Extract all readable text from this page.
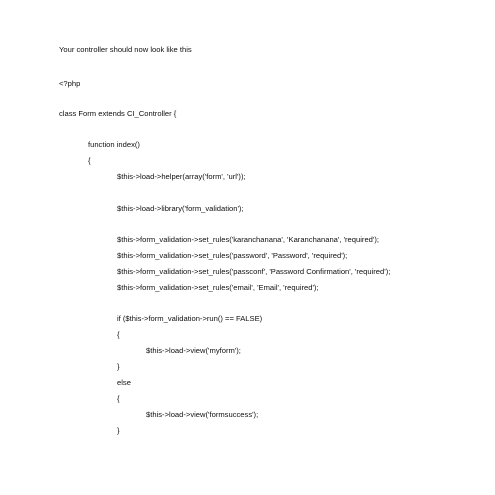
Your controller should now look like this
<?php
class Form extends CI_Controller {
function index()
{
$this->load->helper(array('form', 'url'));
$this->load->library('form_validation');
$this->form_validation->set_rules('karanchanana', 'Karanchanana', 'required');
$this->form_validation->set_rules('password', 'Password', 'required');
$this->form_validation->set_rules('passconf', 'Password Confirmation', 'required');
$this->form_validation->set_rules('email', 'Email', 'required');
if ($this->form_validation->run() == FALSE)
{
$this->load->view('myform');
}
else
{
$this->load->view('formsuccess');
}
